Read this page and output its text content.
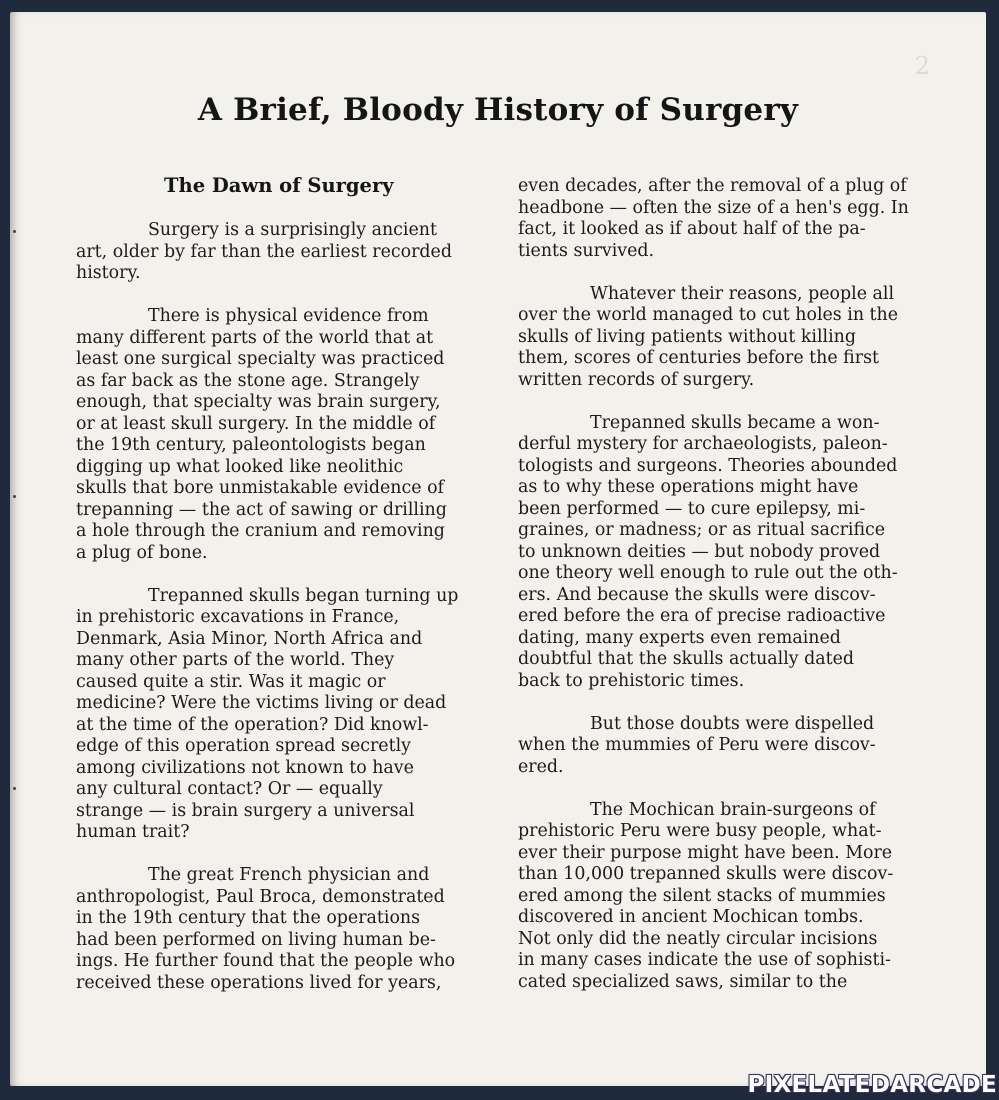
2
A Brief, Bloody History of Surgery
The Dawn of Surgery

Surgery is a surprisingly ancient
art, older by far than the earliest recorded
history.

There is physical evidence from
many different parts of the world that at
least one surgical specialty was practiced
as far back as the stone age. Strangely
enough, that specialty was brain surgery,
or at least skull surgery. In the middle of
the 19th century, paleontologists began
digging up what looked like neolithic
skulls that bore unmistakable evidence of
trepanning — the act of sawing or drilling
a hole through the cranium and removing
a plug of bone.

Trepanned skulls began turning up
in prehistoric excavations in France,
Denmark, Asia Minor, North Africa and
many other parts of the world. They
caused quite a stir. Was it magic or
medicine? Were the victims living or dead
at the time of the operation? Did knowl-
edge of this operation spread secretly
among civilizations not known to have
any cultural contact? Or — equally
strange — is brain surgery a universal
human trait?

The great French physician and
anthropologist, Paul Broca, demonstrated
in the 19th century that the operations
had been performed on living human be-
ings. He further found that the people who
received these operations lived for years,

even decades, after the removal of a plug of
headbone — often the size of a hen's egg. In
fact, it looked as if about half of the pa-
tients survived.

Whatever their reasons, people all
over the world managed to cut holes in the
skulls of living patients without killing
them, scores of centuries before the first
written records of surgery.

Trepanned skulls became a won-
derful mystery for archaeologists, paleon-
tologists and surgeons. Theories abounded
as to why these operations might have
been performed — to cure epilepsy, mi-
graines, or madness; or as ritual sacrifice
to unknown deities — but nobody proved
one theory well enough to rule out the oth-
ers. And because the skulls were discov-
ered before the era of precise radioactive
dating, many experts even remained
doubtful that the skulls actually dated
back to prehistoric times.

But those doubts were dispelled
when the mummies of Peru were discov-
ered.

The Mochican brain-surgeons of
prehistoric Peru were busy people, what-
ever their purpose might have been. More
than 10,000 trepanned skulls were discov-
ered among the silent stacks of mummies
discovered in ancient Mochican tombs.
Not only did the neatly circular incisions
in many cases indicate the use of sophisti-
cated specialized saws, similar to the

PIXELATEDARCADE
